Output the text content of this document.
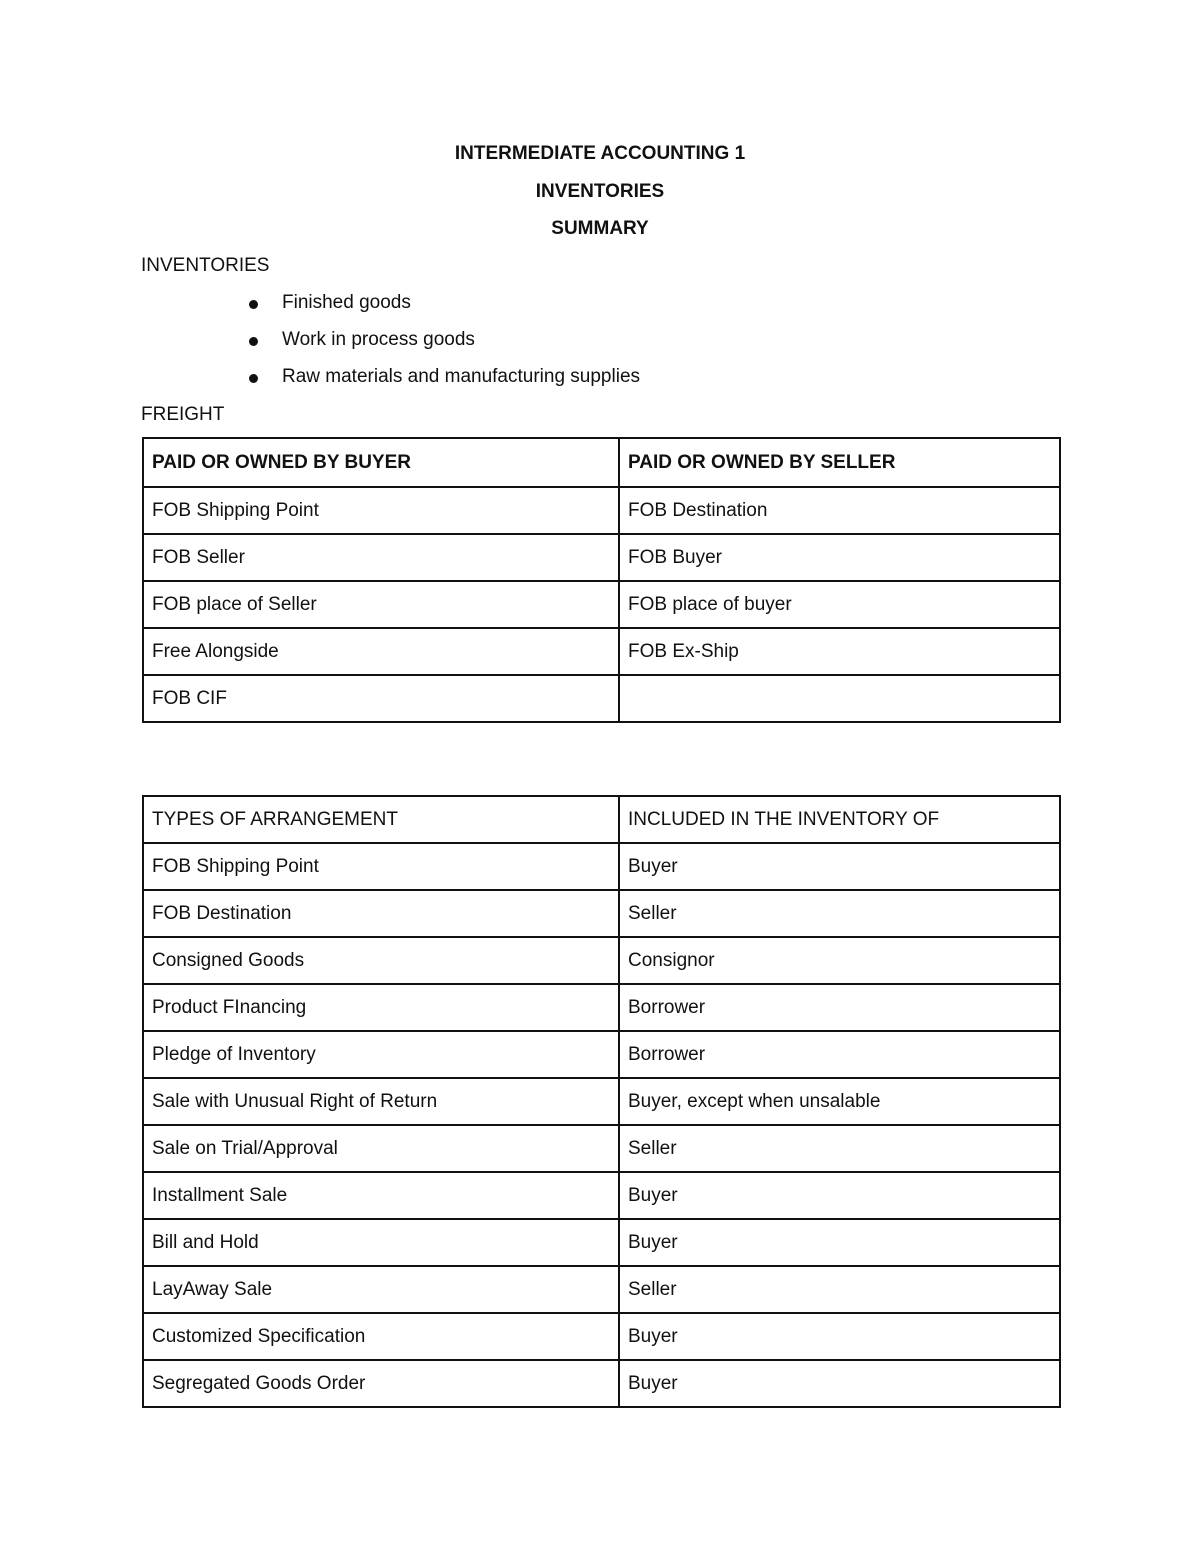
INTERMEDIATE ACCOUNTING 1
INVENTORIES
SUMMARY
INVENTORIES
Finished goods
Work in process goods
Raw materials and manufacturing supplies
FREIGHT
PAID OR OWNED BY BUYER	PAID OR OWNED BY SELLER
FOB Shipping Point	FOB Destination
FOB Seller	FOB Buyer
FOB place of Seller	FOB place of buyer
Free Alongside	FOB Ex-Ship
FOB CIF	
TYPES OF ARRANGEMENT	INCLUDED IN THE INVENTORY OF
FOB Shipping Point	Buyer
FOB Destination	Seller
Consigned Goods	Consignor
Product FInancing	Borrower
Pledge of Inventory	Borrower
Sale with Unusual Right of Return	Buyer, except when unsalable
Sale on Trial/Approval	Seller
Installment Sale	Buyer
Bill and Hold	Buyer
LayAway Sale	Seller
Customized Specification	Buyer
Segregated Goods Order	Buyer
